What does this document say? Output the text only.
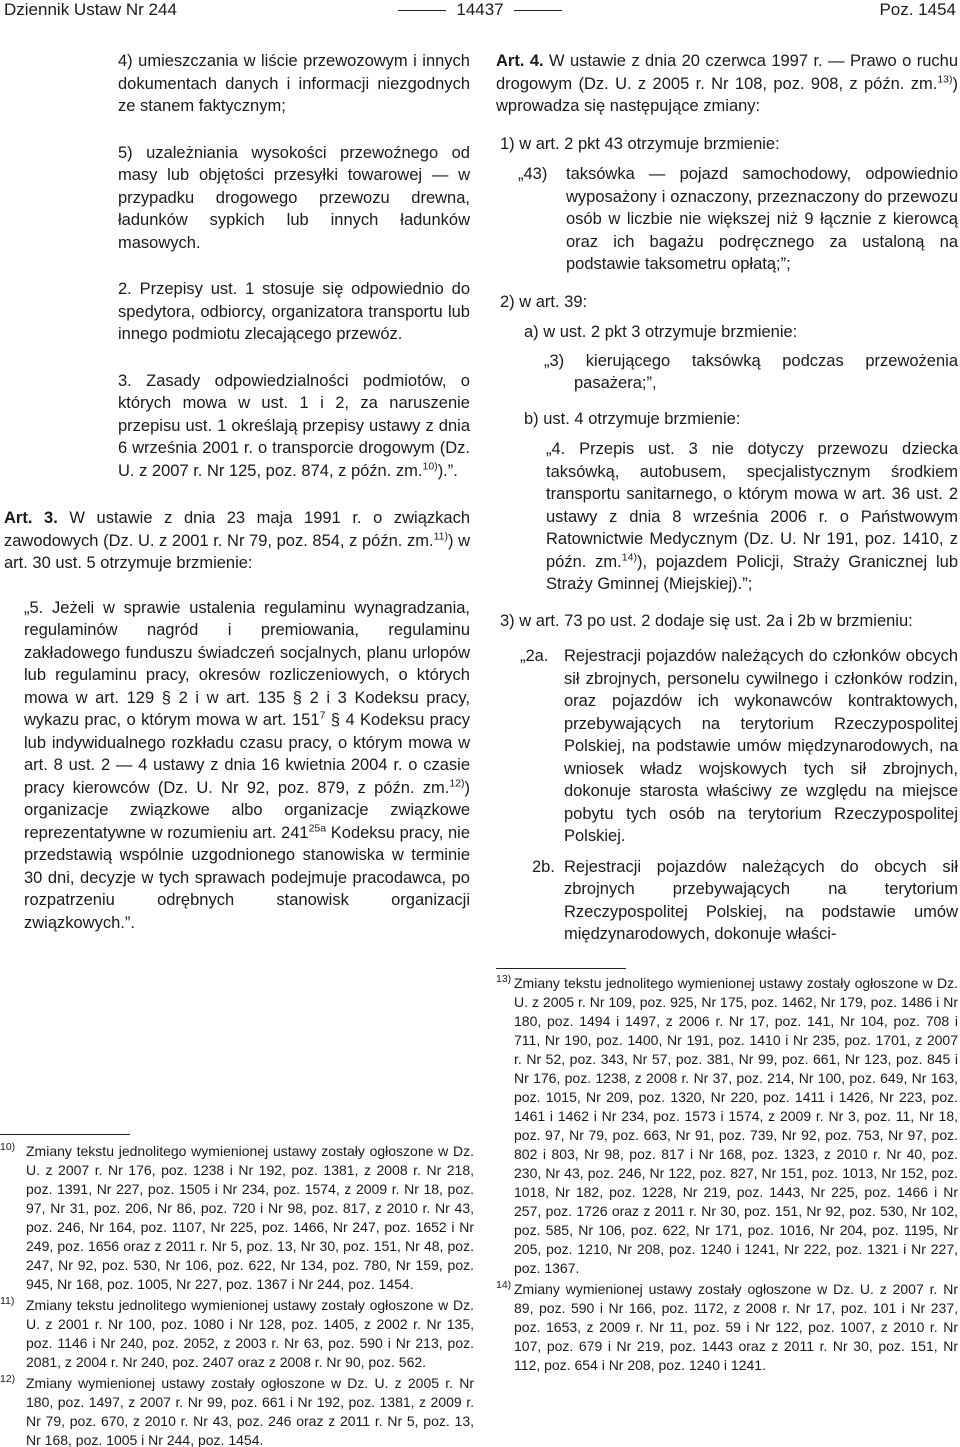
Dziennik Ustaw Nr 244	14437	Poz. 1454

4) umieszczania w liście przewozowym i innych dokumentach danych i informacji niezgodnych ze stanem faktycznym;

5) uzależniania wysokości przewoźnego od masy lub objętości przesyłki towarowej — w przypadku drogowego przewozu drewna, ładunków sypkich lub innych ładunków masowych.

2. Przepisy ust. 1 stosuje się odpowiednio do spedytora, odbiorcy, organizatora transportu lub innego podmiotu zlecającego przewóz.

3. Zasady odpowiedzialności podmiotów, o których mowa w ust. 1 i 2, za naruszenie przepisu ust. 1 określają przepisy ustawy z dnia 6 września 2001 r. o transporcie drogowym (Dz. U. z 2007 r. Nr 125, poz. 874, z późn. zm.$^{10)}$).”.

Art. 3. W ustawie z dnia 23 maja 1991 r. o związkach zawodowych (Dz. U. z 2001 r. Nr 79, poz. 854, z późn. zm.$^{11)}$) w art. 30 ust. 5 otrzymuje brzmienie:

„5. Jeżeli w sprawie ustalenia regulaminu wynagradzania, regulaminów nagród i premiowania, regulaminu zakładowego funduszu świadczeń socjalnych, planu urlopów lub regulaminu pracy, okresów rozliczeniowych, o których mowa w art. 129 § 2 i w art. 135 § 2 i 3 Kodeksu pracy, wykazu prac, o którym mowa w art. $151^7$ § 4 Kodeksu pracy lub indywidualnego rozkładu czasu pracy, o którym mowa w art. 8 ust. 2 — 4 ustawy z dnia 16 kwietnia 2004 r. o czasie pracy kierowców (Dz. U. Nr 92, poz. 879, z późn. zm.$^{12)}$) organizacje związkowe albo organizacje związkowe reprezentatywne w rozumieniu art. $241^{25a}$ Kodeksu pracy, nie przedstawią wspólnie uzgodnionego stanowiska w terminie 30 dni, decyzje w tych sprawach podejmuje pracodawca, po rozpatrzeniu odrębnych stanowisk organizacji związkowych.”.

10) Zmiany tekstu jednolitego wymienionej ustawy zostały ogłoszone w Dz. U. z 2007 r. Nr 176, poz. 1238 i Nr 192, poz. 1381, z 2008 r. Nr 218, poz. 1391, Nr 227, poz. 1505 i Nr 234, poz. 1574, z 2009 r. Nr 18, poz. 97, Nr 31, poz. 206, Nr 86, poz. 720 i Nr 98, poz. 817, z 2010 r. Nr 43, poz. 246, Nr 164, poz. 1107, Nr 225, poz. 1466, Nr 247, poz. 1652 i Nr 249, poz. 1656 oraz z 2011 r. Nr 5, poz. 13, Nr 30, poz. 151, Nr 48, poz. 247, Nr 92, poz. 530, Nr 106, poz. 622, Nr 134, poz. 780, Nr 159, poz. 945, Nr 168, poz. 1005, Nr 227, poz. 1367 i Nr 244, poz. 1454.
11) Zmiany tekstu jednolitego wymienionej ustawy zostały ogłoszone w Dz. U. z 2001 r. Nr 100, poz. 1080 i Nr 128, poz. 1405, z 2002 r. Nr 135, poz. 1146 i Nr 240, poz. 2052, z 2003 r. Nr 63, poz. 590 i Nr 213, poz. 2081, z 2004 r. Nr 240, poz. 2407 oraz z 2008 r. Nr 90, poz. 562.
12) Zmiany wymienionej ustawy zostały ogłoszone w Dz. U. z 2005 r. Nr 180, poz. 1497, z 2007 r. Nr 99, poz. 661 i Nr 192, poz. 1381, z 2009 r. Nr 79, poz. 670, z 2010 r. Nr 43, poz. 246 oraz z 2011 r. Nr 5, poz. 13, Nr 168, poz. 1005 i Nr 244, poz. 1454.

Art. 4. W ustawie z dnia 20 czerwca 1997 r. — Prawo o ruchu drogowym (Dz. U. z 2005 r. Nr 108, poz. 908, z późn. zm.$^{13)}$) wprowadza się następujące zmiany:

1) w art. 2 pkt 43 otrzymuje brzmienie:

„43) taksówka — pojazd samochodowy, odpowiednio wyposażony i oznaczony, przeznaczony do przewozu osób w liczbie nie większej niż 9 łącznie z kierowcą oraz ich bagażu podręcznego za ustaloną na podstawie taksometru opłatą;”;

2) w art. 39:

a) w ust. 2 pkt 3 otrzymuje brzmienie:

„3) kierującego taksówką podczas przewożenia pasażera;”,

b) ust. 4 otrzymuje brzmienie:

„4. Przepis ust. 3 nie dotyczy przewozu dziecka taksówką, autobusem, specjalistycznym środkiem transportu sanitarnego, o którym mowa w art. 36 ust. 2 ustawy z dnia 8 września 2006 r. o Państwowym Ratownictwie Medycznym (Dz. U. Nr 191, poz. 1410, z późn. zm.$^{14)}$), pojazdem Policji, Straży Granicznej lub Straży Gminnej (Miejskiej).”;

3) w art. 73 po ust. 2 dodaje się ust. 2a i 2b w brzmieniu:

„2a. Rejestracji pojazdów należących do członków obcych sił zbrojnych, personelu cywilnego i członków rodzin, oraz pojazdów ich wykonawców kontraktowych, przebywających na terytorium Rzeczypospolitej Polskiej, na podstawie umów międzynarodowych, na wniosek władz wojskowych tych sił zbrojnych, dokonuje starosta właściwy ze względu na miejsce pobytu tych osób na terytorium Rzeczypospolitej Polskiej.
2b. Rejestracji pojazdów należących do obcych sił zbrojnych przebywających na terytorium Rzeczypospolitej Polskiej, na podstawie umów międzynarodowych, dokonuje właści-
13) Zmiany tekstu jednolitego wymienionej ustawy zostały ogłoszone w Dz. U. z 2005 r. Nr 109, poz. 925, Nr 175, poz. 1462, Nr 179, poz. 1486 i Nr 180, poz. 1494 i 1497, z 2006 r. Nr 17, poz. 141, Nr 104, poz. 708 i 711, Nr 190, poz. 1400, Nr 191, poz. 1410 i Nr 235, poz. 1701, z 2007 r. Nr 52, poz. 343, Nr 57, poz. 381, Nr 99, poz. 661, Nr 123, poz. 845 i Nr 176, poz. 1238, z 2008 r. Nr 37, poz. 214, Nr 100, poz. 649, Nr 163, poz. 1015, Nr 209, poz. 1320, Nr 220, poz. 1411 i 1426, Nr 223, poz. 1461 i 1462 i Nr 234, poz. 1573 i 1574, z 2009 r. Nr 3, poz. 11, Nr 18, poz. 97, Nr 79, poz. 663, Nr 91, poz. 739, Nr 92, poz. 753, Nr 97, poz. 802 i 803, Nr 98, poz. 817 i Nr 168, poz. 1323, z 2010 r. Nr 40, poz. 230, Nr 43, poz. 246, Nr 122, poz. 827, Nr 151, poz. 1013, Nr 152, poz. 1018, Nr 182, poz. 1228, Nr 219, poz. 1443, Nr 225, poz. 1466 i Nr 257, poz. 1726 oraz z 2011 r. Nr 30, poz. 151, Nr 92, poz. 530, Nr 102, poz. 585, Nr 106, poz. 622, Nr 171, poz. 1016, Nr 204, poz. 1195, Nr 205, poz. 1210, Nr 208, poz. 1240 i 1241, Nr 222, poz. 1321 i Nr 227, poz. 1367.
14) Zmiany wymienionej ustawy zostały ogłoszone w Dz. U. z 2007 r. Nr 89, poz. 590 i Nr 166, poz. 1172, z 2008 r. Nr 17, poz. 101 i Nr 237, poz. 1653, z 2009 r. Nr 11, poz. 59 i Nr 122, poz. 1007, z 2010 r. Nr 107, poz. 679 i Nr 219, poz. 1443 oraz z 2011 r. Nr 30, poz. 151, Nr 112, poz. 654 i Nr 208, poz. 1240 i 1241.
